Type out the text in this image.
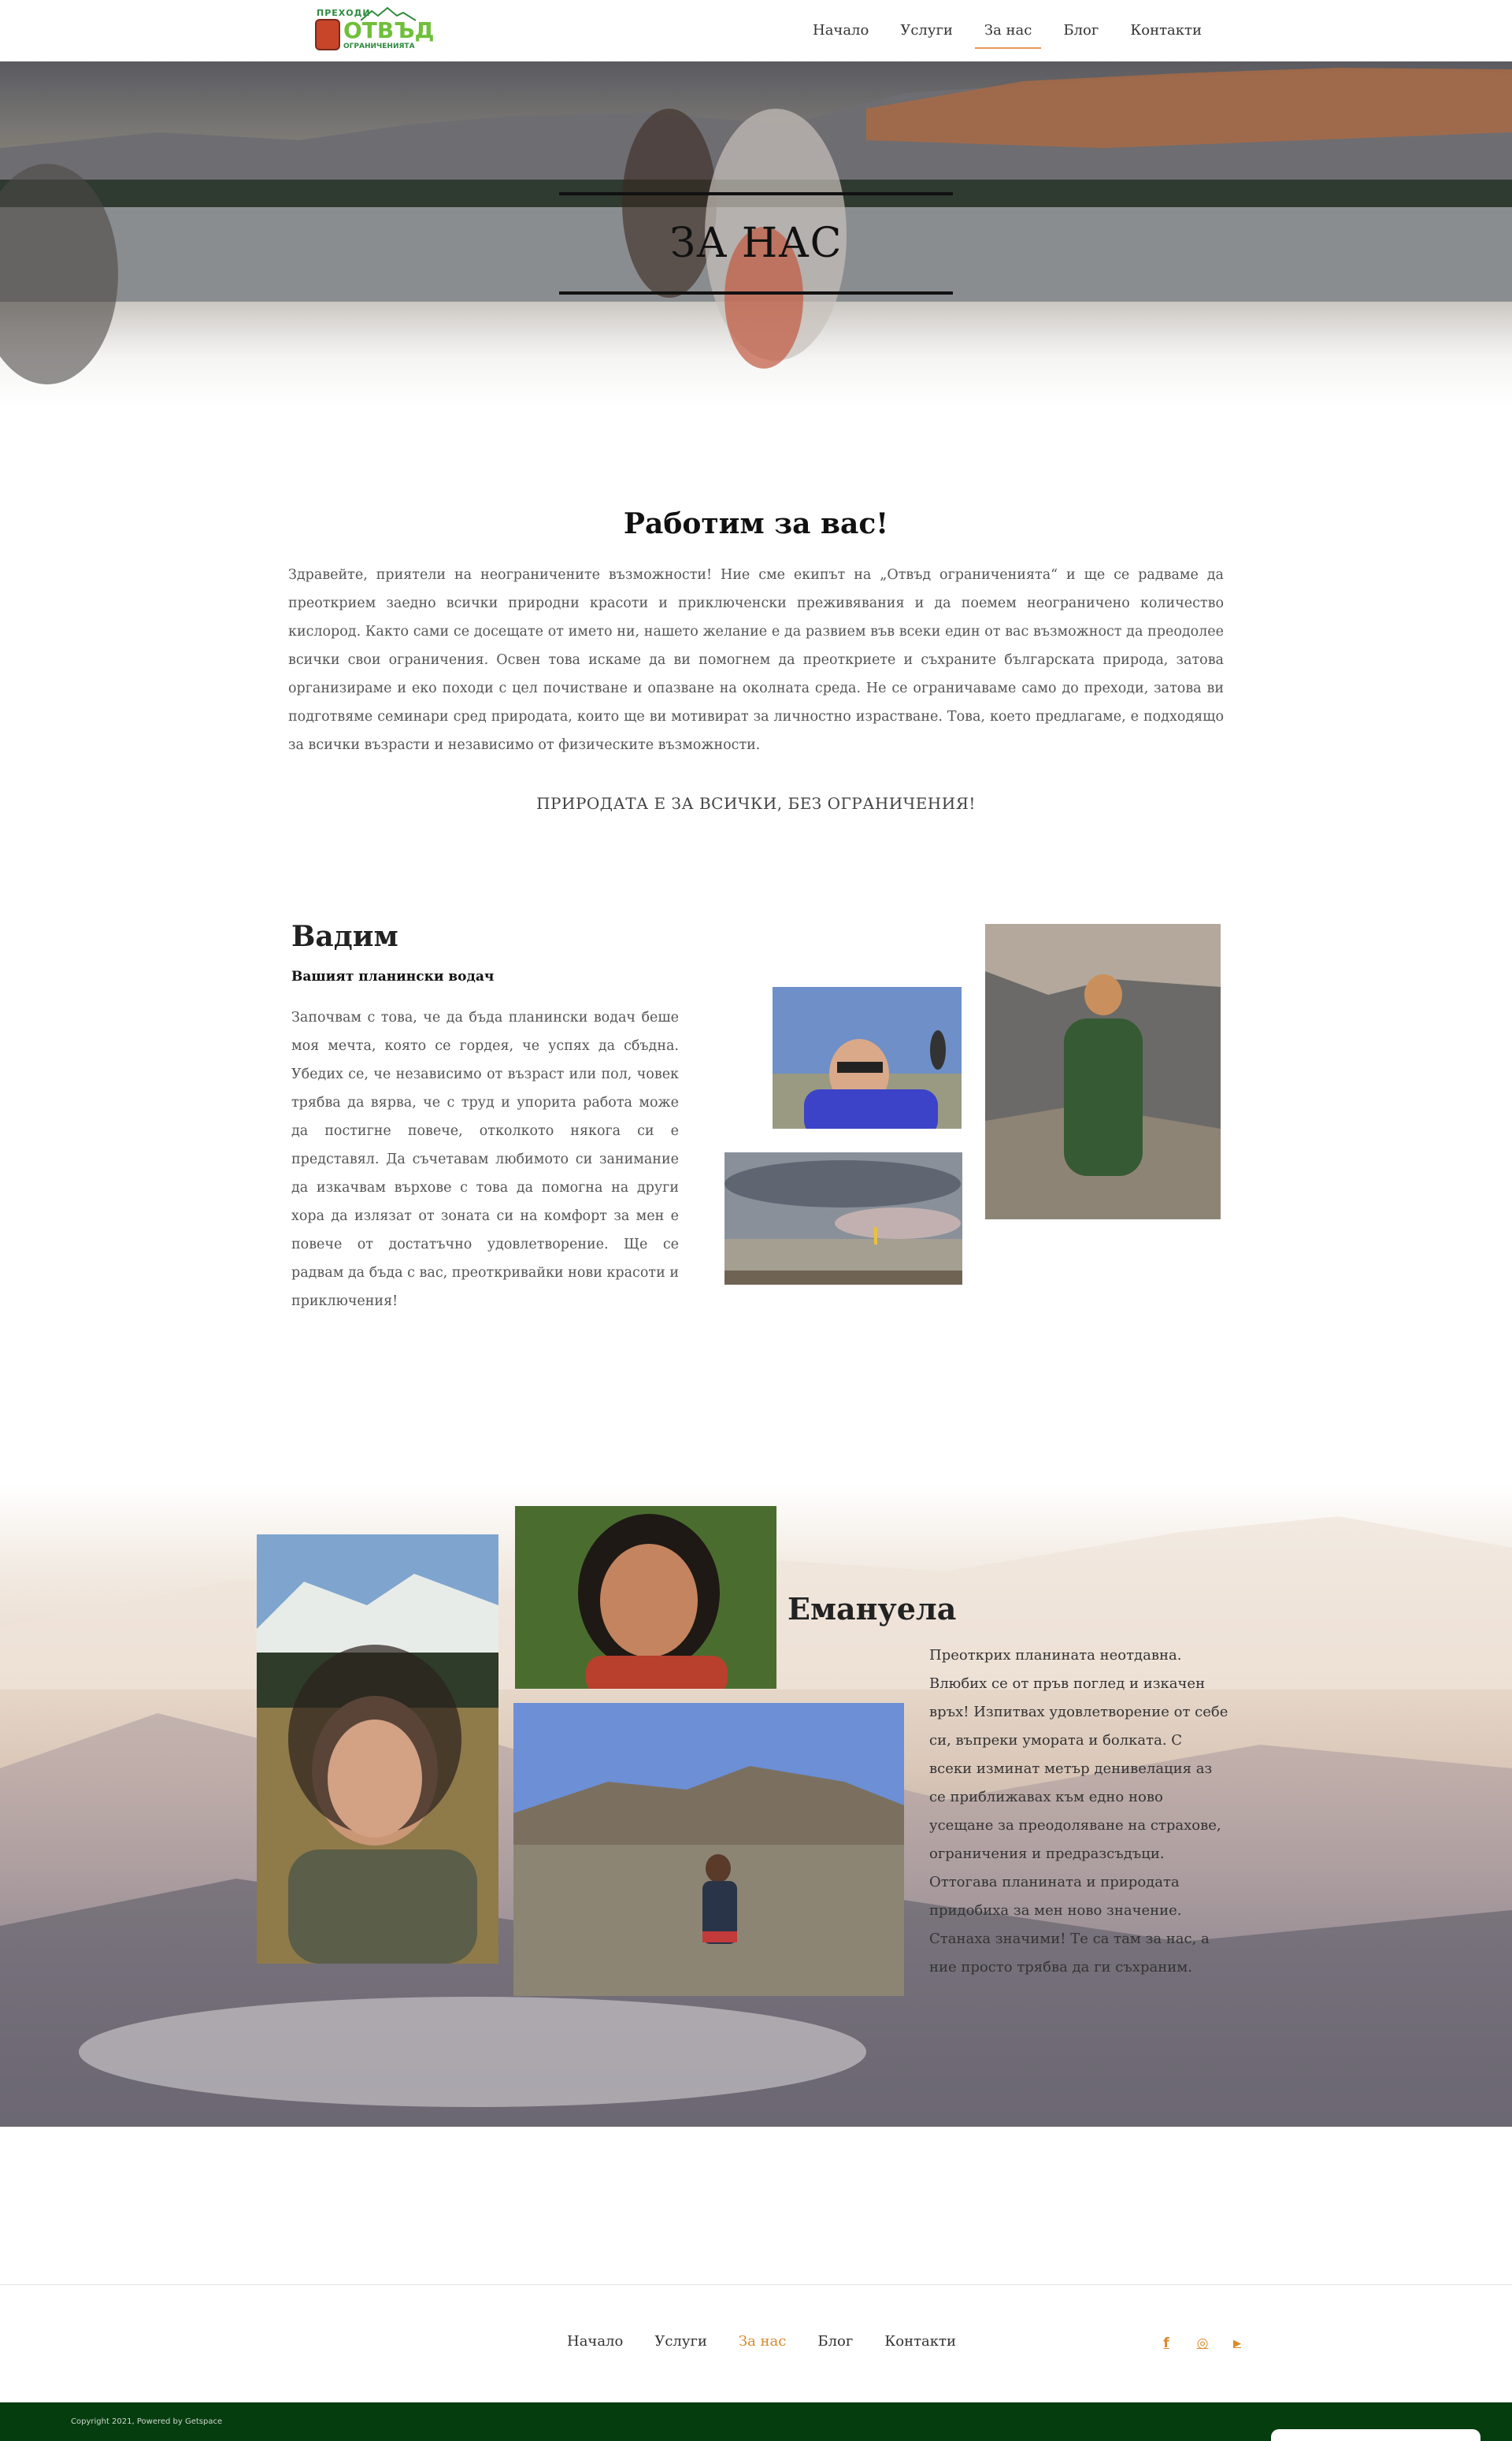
ПРЕХОДИ
ОТВЪД
ОГРАНИЧЕНИЯТА
Начало	Услуги	За нас	Блог	Контакти
ЗА НАС
Работим за вас!

Здравейте, приятели на неограничените възможности! Ние сме екипът на „Отвъд ограниченията“ и ще се радваме да преоткрием заедно всички природни красоти и приключенски преживявания и да поемем неограничено количество кислород. Както сами се досещате от името ни, нашето желание е да развием във всеки един от вас възможност да преодолее всички свои ограничения. Освен това искаме да ви помогнем да преоткриете и съхраните българската природа, затова организираме и еко походи с цел почистване и опазване на околната среда. Не се ограничаваме само до преходи, затова ви подготвяме семинари сред природата, които ще ви мотивират за личностно израстване. Това, което предлагаме, е подходящо за всички възрасти и независимо от физическите възможности.

ПРИРОДАТА Е ЗА ВСИЧКИ, БЕЗ ОГРАНИЧЕНИЯ!

Вадим
Вашият планински водач

Започвам с това, че да бъда планински водач беше моя мечта, която се гордея, че успях да сбъдна. Убедих се, че независимо от възраст или пол, човек трябва да вярва, че с труд и упорита работа може да постигне повече, отколкото някога си е представял. Да съчетавам любимото си занимание да изкачвам върхове с това да помогна на други хора да излязат от зоната си на комфорт за мен е повече от достатъчно удовлетворение. Ще се радвам да бъда с вас, преоткривайки нови красоти и приключения!

Емануела

Преоткрих планината неотдавна. Влюбих се от пръв поглед и изкачен връх! Изпитвах удовлетворение от себе си, въпреки умората и болката. С всеки изминат метър денивелация аз се приближавах към едно ново усещане за преодоляване на страхове, ограничения и предразсъдъци. Оттогава планината и природата придобиха за мен ново значение. Станаха значими! Те са там за нас, а ние просто трябва да ги съхраним.

Начало	Услуги	За нас	Блог	Контакти	f ◎ ▶
Copyright 2021, Powered by Getspace
